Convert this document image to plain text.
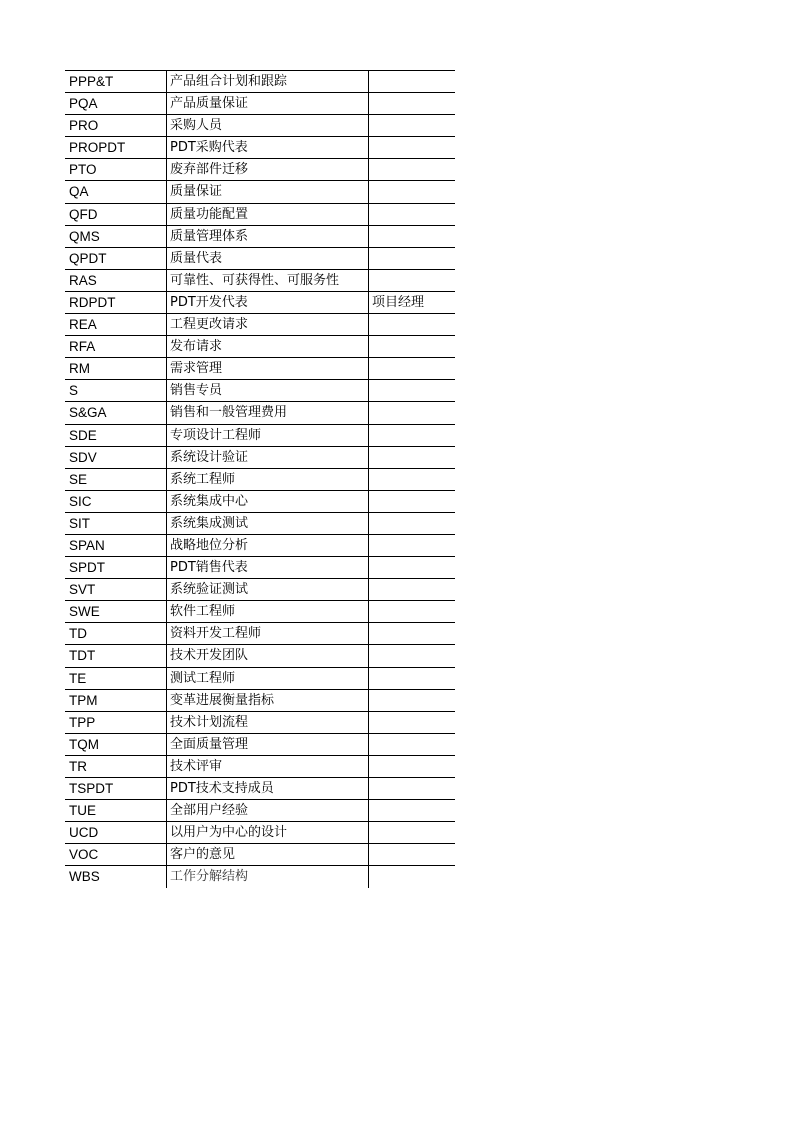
PPP&T	产品组合计划和跟踪
PQA	产品质量保证
PRO	采购人员
PROPDT	PDT采购代表
PTO	废弃部件迁移
QA	质量保证
QFD	质量功能配置
QMS	质量管理体系
QPDT	质量代表
RAS	可靠性、可获得性、可服务性
RDPDT	PDT开发代表	项目经理
REA	工程更改请求
RFA	发布请求
RM	需求管理
S	销售专员
S&GA	销售和一般管理费用
SDE	专项设计工程师
SDV	系统设计验证
SE	系统工程师
SIC	系统集成中心
SIT	系统集成测试
SPAN	战略地位分析
SPDT	PDT销售代表
SVT	系统验证测试
SWE	软件工程师
TD	资料开发工程师
TDT	技术开发团队
TE	测试工程师
TPM	变革进展衡量指标
TPP	技术计划流程
TQM	全面质量管理
TR	技术评审
TSPDT	PDT技术支持成员
TUE	全部用户经验
UCD	以用户为中心的设计
VOC	客户的意见
WBS	工作分解结构
